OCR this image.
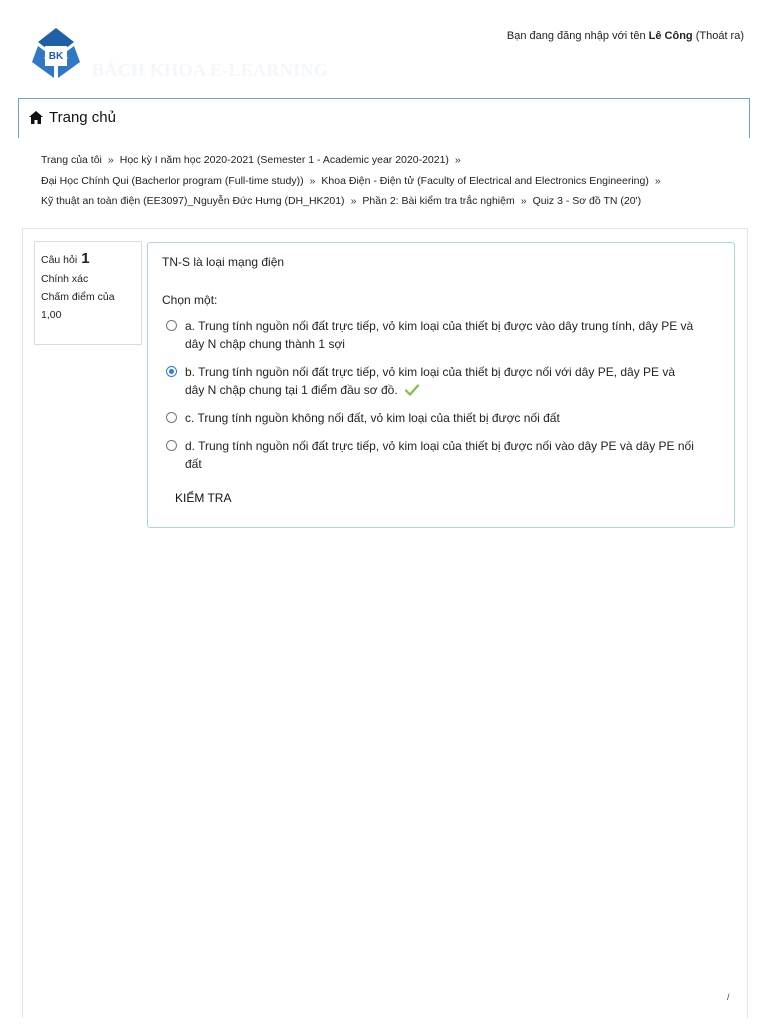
Bạn đang đăng nhập với tên Lê Công (Thoát ra)
BK
BÁCH KHOA E-LEARNING
Trang chủ
Trang của tôi » Học kỳ I năm học 2020-2021 (Semester 1 - Academic year 2020-2021) »
Đại Học Chính Qui (Bacherlor program (Full-time study)) » Khoa Điện - Điện tử (Faculty of Electrical and Electronics Engineering) »
Kỹ thuật an toàn điện (EE3097)_Nguyễn Đức Hưng (DH_HK201) » Phần 2: Bài kiểm tra trắc nghiệm » Quiz 3 - Sơ đồ TN (20')
Câu hỏi 1
Chính xác
Chấm điểm của
1,00
TN-S là loại mạng điện
Chọn một:
a. Trung tính nguồn nối đất trực tiếp, vỏ kim loại của thiết bị được vào dây trung tính, dây PE và dây N chập chung thành 1 sợi
b. Trung tính nguồn nối đất trực tiếp, vỏ kim loại của thiết bị được nối với dây PE, dây PE và dây N chập chung tại 1 điểm đầu sơ đồ.
c. Trung tính nguồn không nối đất, vỏ kim loại của thiết bị được nối đất
d. Trung tính nguồn nối đất trực tiếp, vỏ kim loại của thiết bị được nối vào dây PE và dây PE nối đất
KIỂM TRA
/
